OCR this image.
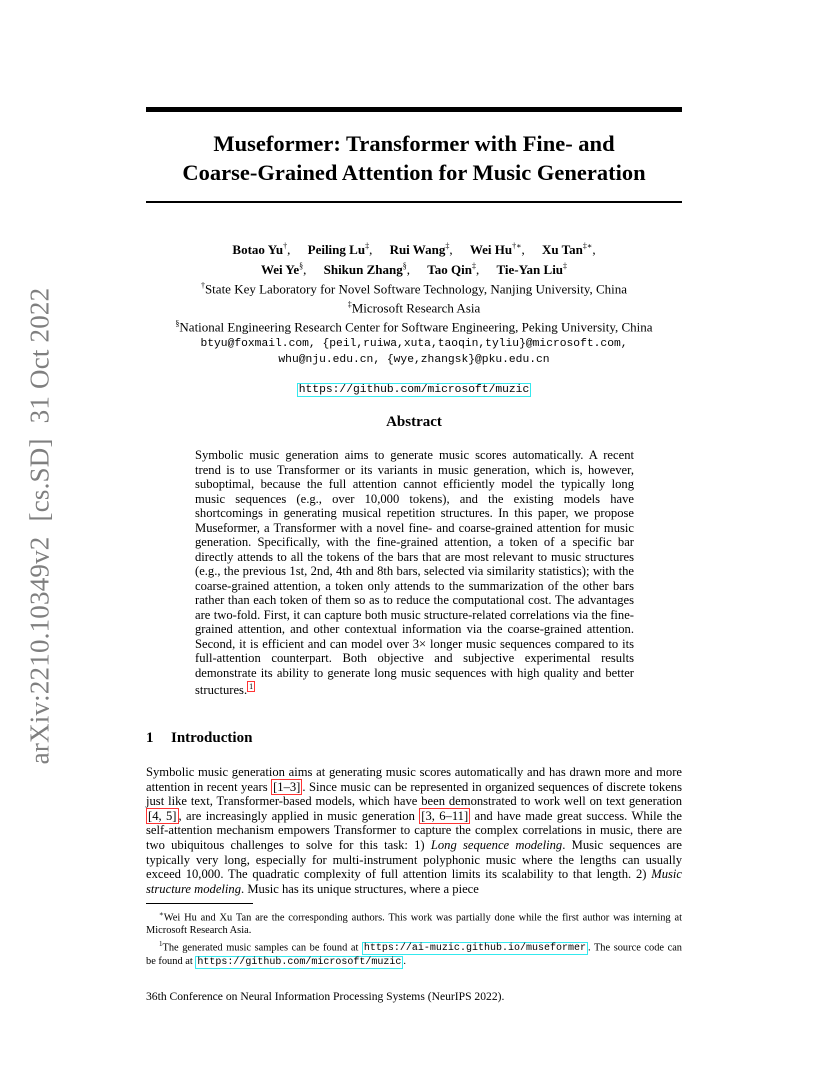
arXiv:2210.10349v2[cs.SD]31 Oct 2022
Museformer: Transformer with Fine- and
Coarse-Grained Attention for Music Generation
Botao Yu†, Peiling Lu‡, Rui Wang‡, Wei Hu†∗, Xu Tan‡∗,
Wei Ye§, Shikun Zhang§, Tao Qin‡, Tie-Yan Liu‡
†State Key Laboratory for Novel Software Technology, Nanjing University, China
‡Microsoft Research Asia
§National Engineering Research Center for Software Engineering, Peking University, China
btyu@foxmail.com, {peil,ruiwa,xuta,taoqin,tyliu}@microsoft.com,
whu@nju.edu.cn, {wye,zhangsk}@pku.edu.cn
https://github.com/microsoft/muzic
Abstract
Symbolic music generation aims to generate music scores automatically. A recent trend is to use Transformer or its variants in music generation, which is, however, suboptimal, because the full attention cannot efficiently model the typically long music sequences (e.g., over 10,000 tokens), and the existing models have shortcomings in generating musical repetition structures. In this paper, we propose Museformer, a Transformer with a novel fine- and coarse-grained attention for music generation. Specifically, with the fine-grained attention, a token of a specific bar directly attends to all the tokens of the bars that are most relevant to music structures (e.g., the previous 1st, 2nd, 4th and 8th bars, selected via similarity statistics); with the coarse-grained attention, a token only attends to the summarization of the other bars rather than each token of them so as to reduce the computational cost. The advantages are two-fold. First, it can capture both music structure-related correlations via the fine-grained attention, and other contextual information via the coarse-grained attention. Second, it is efficient and can model over 3× longer music sequences compared to its full-attention counterpart. Both objective and subjective experimental results demonstrate its ability to generate long music sequences with high quality and better structures. $^1$
1 Introduction
Symbolic music generation aims at generating music scores automatically and has drawn more and more attention in recent years [1–3] . Since music can be represented in organized sequences of discrete tokens just like text, Transformer-based models, which have been demonstrated to work well on text generation [4, 5] , are increasingly applied in music generation [3, 6–11] and have made great success. While the self-attention mechanism empowers Transformer to capture the complex correlations in music, there are two ubiquitous challenges to solve for this task: 1) Long sequence modeling. Music sequences are typically very long, especially for multi-instrument polyphonic music where the lengths can usually exceed 10,000. The quadratic complexity of full attention limits its scalability to that length. 2) Music structure modeling. Music has its unique structures, where a piece

∗Wei Hu and Xu Tan are the corresponding authors. This work was partially done while the first author was interning at Microsoft Research Asia.

$^1$The generated music samples can be found at https://ai-muzic.github.io/museformer . The source code can be found at https://github.com/microsoft/muzic .

36th Conference on Neural Information Processing Systems (NeurIPS 2022).
